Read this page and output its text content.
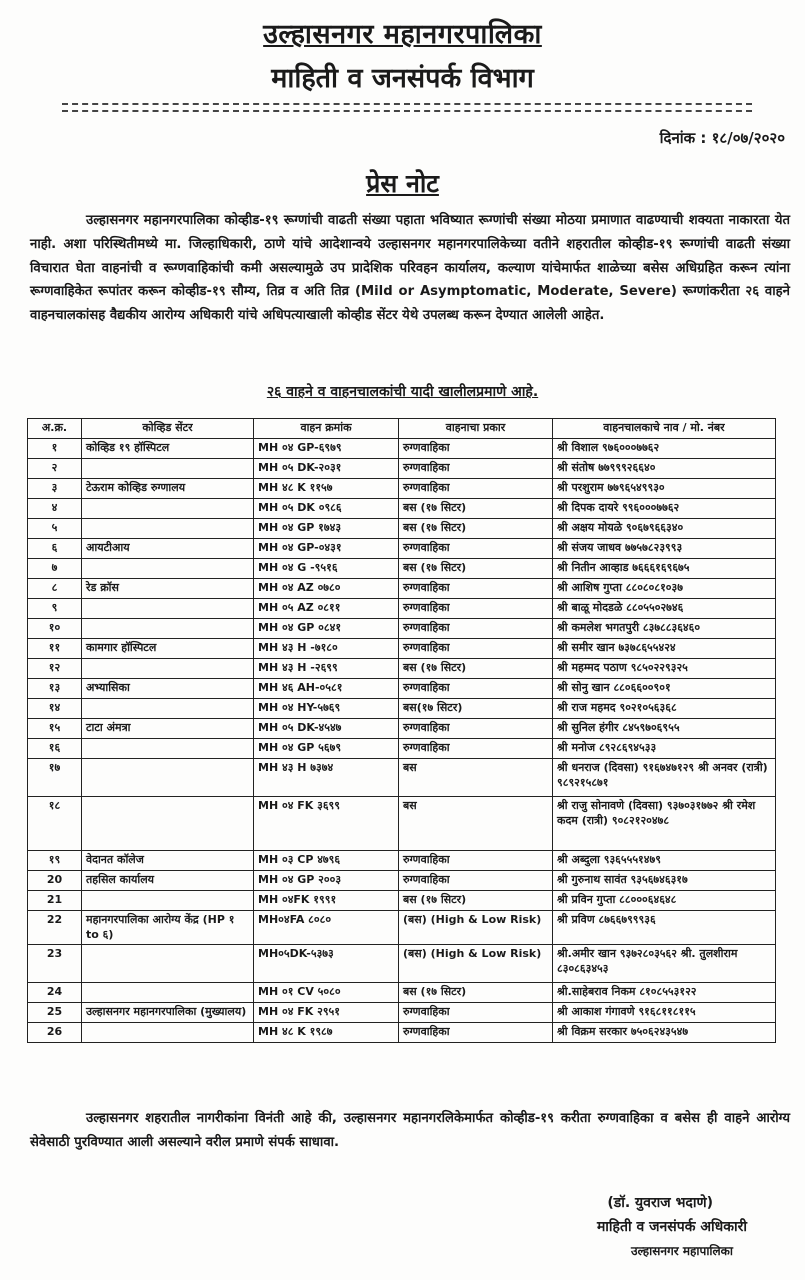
उल्हासनगर महानगरपालिका
माहिती व जनसंपर्क विभाग
दिनांक : १८/०७/२०२०
प्रेस नोट
उल्हासनगर महानगरपालिका कोव्हीड-१९ रूग्णांची वाढती संख्या पहाता भविष्यात रूग्णांची संख्या मोठया प्रमाणात वाढण्याची शक्यता नाकारता येत नाही. अशा परिस्थितीमध्ये मा. जिल्हाधिकारी, ठाणे यांचे आदेशान्वये उल्हासनगर महानगरपालिकेच्या वतीने शहरातील कोव्हीड-१९ रूग्णांची वाढती संख्या विचारात घेता वाहनांची व रूग्णवाहिकांची कमी असल्यामुळे उप प्रादेशिक परिवहन कार्यालय, कल्याण यांचेमार्फत शाळेच्या बसेस अधिग्रहित करून त्यांना रूग्णवाहिकेत रूपांतर करून कोव्हीड-१९ सौम्य, तिव्र व अति तिव्र (Mild or Asymptomatic, Moderate, Severe) रूग्णांकरीता २६ वाहने वाहनचालकांसह वैद्यकीय आरोग्य अधिकारी यांचे अधिपत्याखाली कोव्हीड सेंटर येथे उपलब्ध करून देण्यात आलेली आहेत.
२६ वाहने व वाहनचालकांची यादी खालीलप्रमाणे आहे.
अ.क्र.	कोव्हिड सेंटर	वाहन क्रमांक	वाहनाचा प्रकार	वाहनचालकाचे नाव / मो. नंबर
१	कोव्हिड १९ हॉस्पिटल	MH ०४ GP-६९७९	रुग्णवाहिका	श्री विशाल ९७६०००७७६२
२		MH ०५ DK-२०३१	रुग्णवाहिका	श्री संतोष ७७९९९२६६४०
३	टेऊराम कोव्हिड रुग्णालय	MH ४८ K ११५७	रुग्णवाहिका	श्री परशुराम ७७९६५४९९३०
४		MH ०५ DK ०९८६	बस (१७ सिटर)	श्री दिपक दायरे ९९६०००७७६२
५		MH ०४ GP १७४३	बस (१७ सिटर)	श्री अक्षय मोयळे ९०६७९६६३४०
६	आयटीआय	MH ०४ GP-०४३१	रुग्णवाहिका	श्री संजय जाधव ७७५७८२३९९३
७		MH ०४ G -९५१६	बस (१७ सिटर)	श्री नितीन आव्हाड ७६६६१६९६७५
८	रेड क्रॉस	MH ०४ AZ ०७८०	रुग्णवाहिका	श्री आशिष गुप्ता ८८०८०८१०३७
९		MH ०५ AZ ०८११	रुग्णवाहिका	श्री बाळू मोदडळे ८८०५५०२७४६
१०		MH ०४ GP ०८४१	रुग्णवाहिका	श्री कमलेश भगतपुरी ८३७८८३६४६०
११	कामगार हॉस्पिटल	MH ४३ H -७१८०	रुग्णवाहिका	श्री समीर खान ७३७८६५५४२४
१२		MH ४३ H -२६९९	बस (१७ सिटर)	श्री महम्मद पठाण ९८५०२२९३२५
१३	अभ्यासिका	MH ४६ AH-०५८१	रुग्णवाहिका	श्री सोनु खान ८८०६६००९०१
१४		MH ०४ HY-५७६९	बस(१७ सिटर)	श्री राज महमद ९०२१०५६३६८
१५	टाटा अंमत्रा	MH ०५ DK-४५४७	रुग्णवाहिका	श्री सुनिल हंगीर ८४५९७०६९५५
१६		MH ०४ GP ५६७९	रुग्णवाहिका	श्री मनोज ८९२८६९४५३३
१७		MH ४३ H ७३७४	बस	श्री धनराज (दिवसा) ९१६७४७१२९ श्री अनवर (रात्री) ९८९२१५८७१
१८		MH ०४ FK ३६९९	बस	श्री राजु सोनावणे (दिवसा) ९३७०३१७७२ श्री रमेश कदम (रात्री) ९०८२१२०४७८
१९	वेदानत कॉलेज	MH ०३ CP ४७९६	रुग्णवाहिका	श्री अब्दुला ९३६५५५१४७९
20	तहसिल कार्यालय	MH ०४ GP २००३	रुग्णवाहिका	श्री गुरुनाथ सावंत ९३५६७४६३१७
21		MH ०४FK १९९१	बस (१७ सिटर)	श्री प्रविन गुप्ता ८८०००६४६४८
22	महानगरपालिका आरोग्य केंद्र (HP १ to ६)	MH०४FA ८०८०	(बस) (High & Low Risk)	श्री प्रविण ८७६६७९९९३६
23		MH०५DK-५३७३	(बस) (High & Low Risk)	श्री.अमीर खान ९३७२८०३५६२ श्री. तुलशीराम ८३०८६३४५३
24		MH ०१ CV ५०८०	बस (१७ सिटर)	श्री.साहेबराव निकम ८१०८५५३१२२
25	उल्हासनगर महानगरपालिका (मुख्यालय)	MH ०४ FK २९५१	रुग्णवाहिका	श्री आकाश गंगावणे ९१६८११८११५
26		MH ४८ K १९८७	रुग्णवाहिका	श्री विक्रम सरकार ७५०६२४३५४७
उल्हासनगर शहरातील नागरीकांना विनंती आहे की, उल्हासनगर महानगरलिकेमार्फत कोव्हीड-१९ करीता रुग्णवाहिका व बसेस ही वाहने आरोग्य सेवेसाठी पुरविण्यात आली असल्याने वरील प्रमाणे संपर्क साधावा.
(डॉ. युवराज भदाणे)
माहिती व जनसंपर्क अधिकारी
उल्हासनगर महापालिका
